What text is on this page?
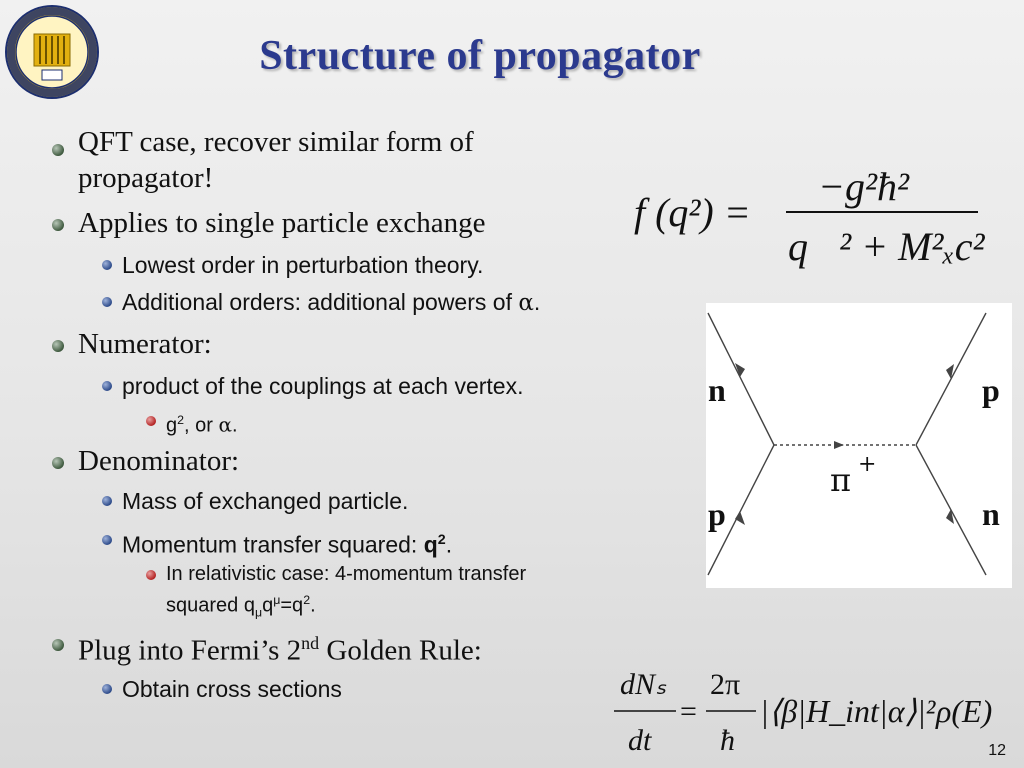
Structure of propagator
QFT case, recover similar form of
propagator!
Applies to single particle exchange
Lowest order in perturbation theory.
Additional orders: additional powers of α.
Numerator:
product of the couplings at each vertex.
$g^2$, or α.
Denominator:
Mass of exchanged particle.
Momentum transfer squared: $q^2$.
In relativistic case: 4-momentum transfer
squared $q_\mu q^\mu=q^2$.
Plug into Fermi’s 2nd Golden Rule:
Obtain cross sections
f (q²) =
−g²ħ²
q⃗² + M²ₓc²
n	p
p	n
π +
dNₛ
dt
=
2π
ħ
|⟨β|H_int|α⟩|² ρ(E)
12
